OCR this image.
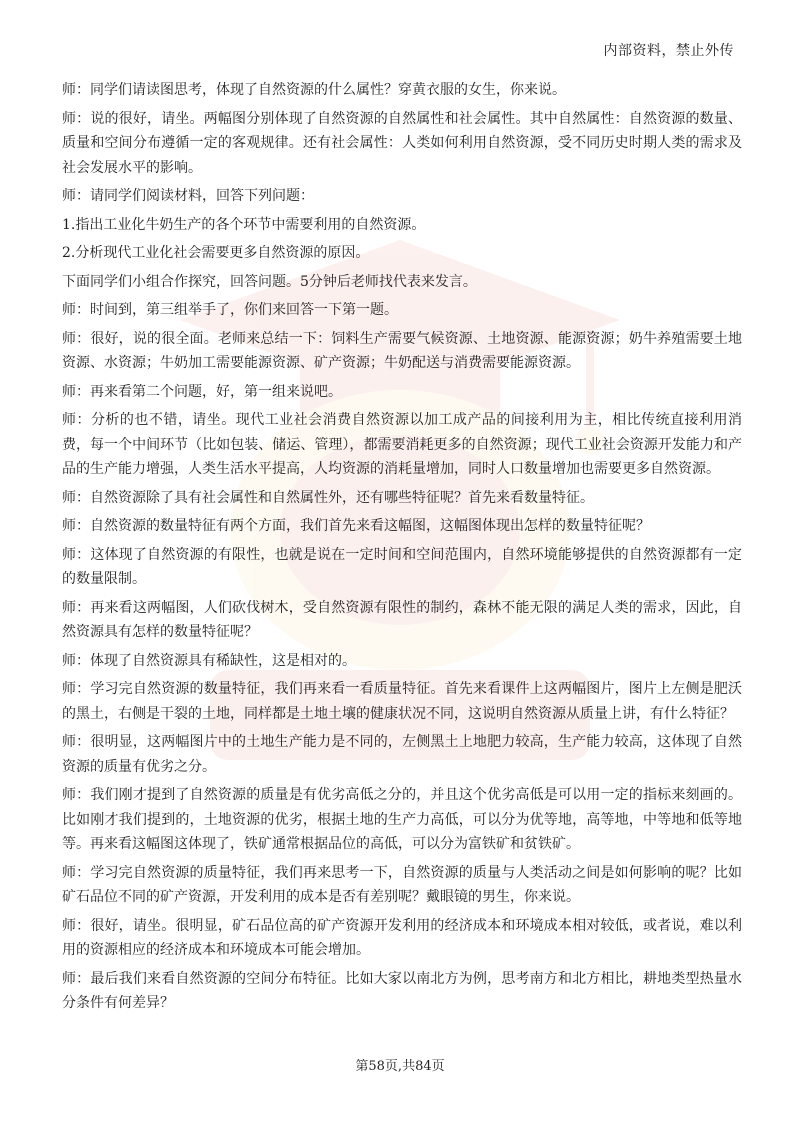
内部资料，禁止外传

师：同学们请读图思考，体现了自然资源的什么属性？穿黄衣服的女生，你来说。

师：说的很好，请坐。两幅图分别体现了自然资源的自然属性和社会属性。其中自然属性：自然资源的数量、质量和空间分布遵循一定的客观规律。还有社会属性：人类如何利用自然资源，受不同历史时期人类的需求及社会发展水平的影响。

师：请同学们阅读材料，回答下列问题：

1.指出工业化牛奶生产的各个环节中需要利用的自然资源。

2.分析现代工业化社会需要更多自然资源的原因。

下面同学们小组合作探究，回答问题。5分钟后老师找代表来发言。

师：时间到，第三组举手了，你们来回答一下第一题。

师：很好，说的很全面。老师来总结一下：饲料生产需要气候资源、土地资源、能源资源；奶牛养殖需要土地资源、水资源；牛奶加工需要能源资源、矿产资源；牛奶配送与消费需要能源资源。

师：再来看第二个问题，好，第一组来说吧。

师：分析的也不错，请坐。现代工业社会消费自然资源以加工成产品的间接利用为主，相比传统直接利用消费，每一个中间环节（比如包装、储运、管理），都需要消耗更多的自然资源；现代工业社会资源开发能力和产品的生产能力增强，人类生活水平提高，人均资源的消耗量增加，同时人口数量增加也需要更多自然资源。

师：自然资源除了具有社会属性和自然属性外，还有哪些特征呢？首先来看数量特征。

师：自然资源的数量特征有两个方面，我们首先来看这幅图，这幅图体现出怎样的数量特征呢？

师：这体现了自然资源的有限性，也就是说在一定时间和空间范围内，自然环境能够提供的自然资源都有一定的数量限制。

师：再来看这两幅图，人们砍伐树木，受自然资源有限性的制约，森林不能无限的满足人类的需求，因此，自然资源具有怎样的数量特征呢？

师：体现了自然资源具有稀缺性，这是相对的。

师：学习完自然资源的数量特征，我们再来看一看质量特征。首先来看课件上这两幅图片，图片上左侧是肥沃的黑土，右侧是干裂的土地，同样都是土地土壤的健康状况不同，这说明自然资源从质量上讲，有什么特征？

师：很明显，这两幅图片中的土地生产能力是不同的，左侧黑土上地肥力较高，生产能力较高，这体现了自然资源的质量有优劣之分。

师：我们刚才提到了自然资源的质量是有优劣高低之分的，并且这个优劣高低是可以用一定的指标来刻画的。比如刚才我们提到的，土地资源的优劣，根据土地的生产力高低，可以分为优等地，高等地，中等地和低等地等。再来看这幅图这体现了，铁矿通常根据品位的高低，可以分为富铁矿和贫铁矿。

师：学习完自然资源的质量特征，我们再来思考一下，自然资源的质量与人类活动之间是如何影响的呢？比如矿石品位不同的矿产资源，开发利用的成本是否有差别呢？戴眼镜的男生，你来说。

师：很好，请坐。很明显，矿石品位高的矿产资源开发利用的经济成本和环境成本相对较低，或者说，难以利用的资源相应的经济成本和环境成本可能会增加。

师：最后我们来看自然资源的空间分布特征。比如大家以南北方为例，思考南方和北方相比，耕地类型热量水分条件有何差异？

第58页,共84页
